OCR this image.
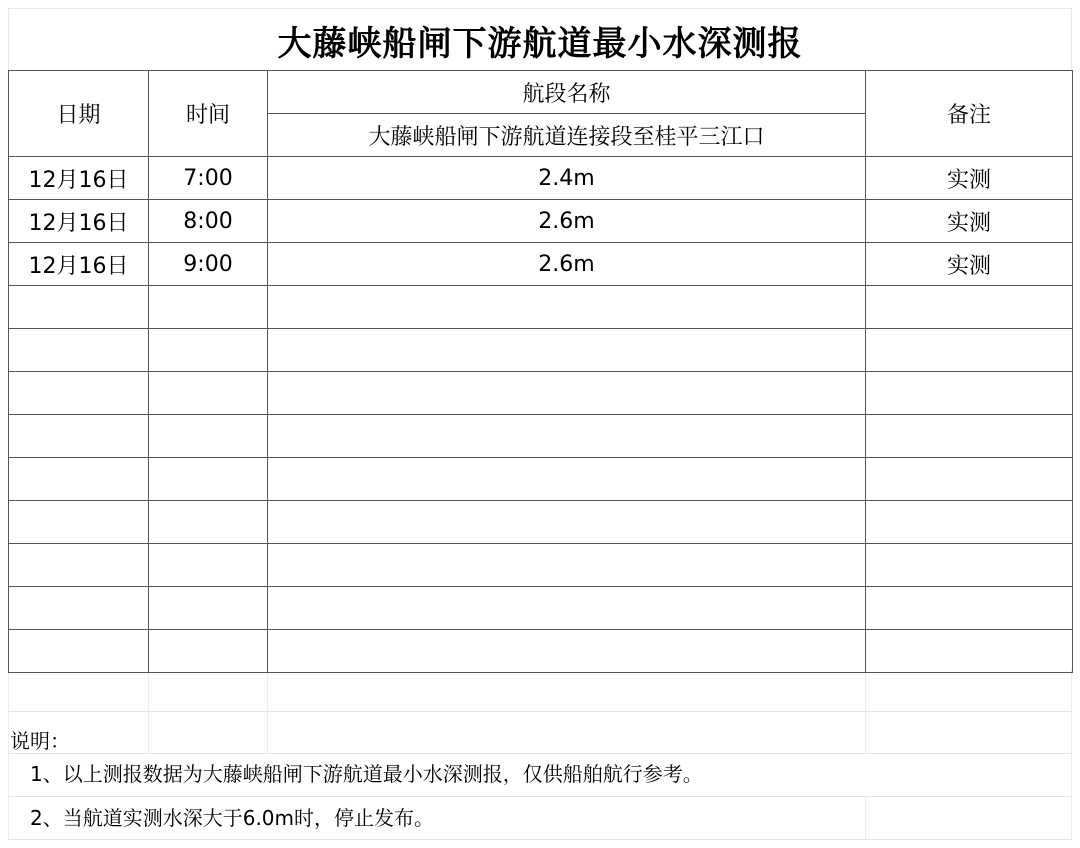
大藤峡船闸下游航道最小水深测报
日期	时间	航段名称	备注
		大藤峡船闸下游航道连接段至桂平三江口	
12月16日	7:00	2.4m	实测
12月16日	8:00	2.6m	实测
12月16日	9:00	2.6m	实测

说明：
1、以上测报数据为大藤峡船闸下游航道最小水深测报，仅供船舶航行参考。
2、当航道实测水深大于6.0m时，停止发布。
